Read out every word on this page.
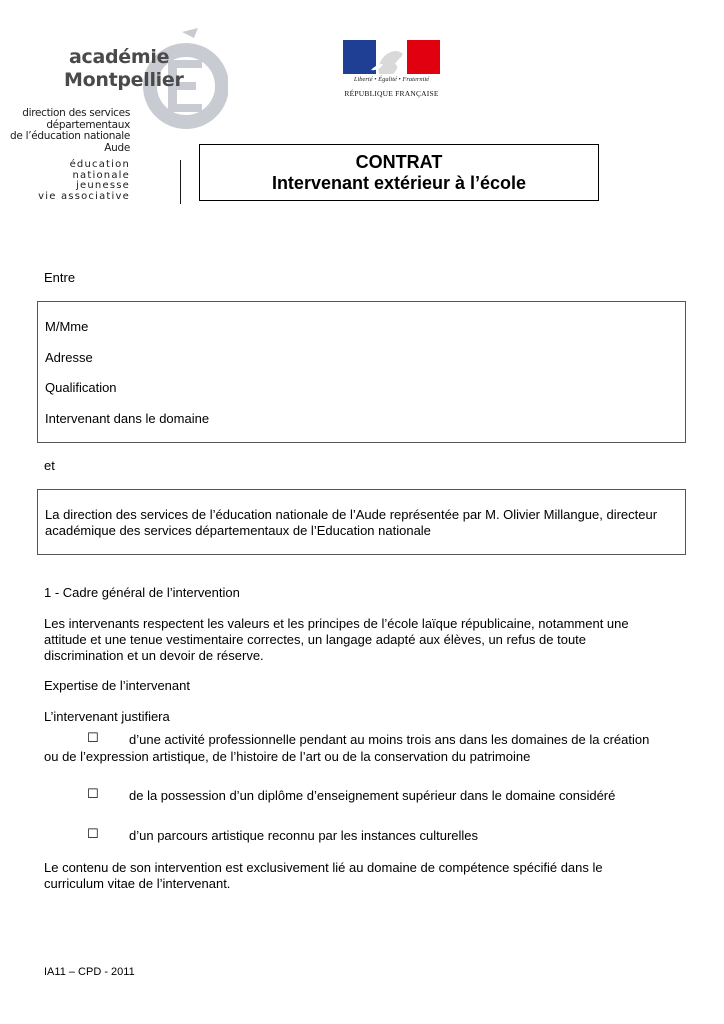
académie
Montpellier
direction des services
départementaux
de l’éducation nationale
Aude
éducation
nationale
jeunesse
vie associative
Liberté • Égalité • Fraternité
RÉPUBLIQUE FRANÇAISE
CONTRAT
Intervenant extérieur à l’école
Entre
M/Mme
Adresse
Qualification
Intervenant dans le domaine
et
La direction des services de l’éducation nationale de l’Aude représentée par M. Olivier Millangue, directeur
académique des services départementaux de l’Education nationale
1 - Cadre général de l’intervention
Les intervenants respectent les valeurs et les principes de l’école laïque républicaine, notamment une
attitude et une tenue vestimentaire correctes, un langage adapté aux élèves, un refus de toute
discrimination et un devoir de réserve.
Expertise de l’intervenant
L’intervenant justifiera
☐ d’une activité professionnelle pendant au moins trois ans dans les domaines de la création
ou de l’expression artistique, de l’histoire de l’art ou de la conservation du patrimoine
☐ de la possession d’un diplôme d’enseignement supérieur dans le domaine considéré
☐ d’un parcours artistique reconnu par les instances culturelles
Le contenu de son intervention est exclusivement lié au domaine de compétence spécifié dans le
curriculum vitae de l’intervenant.
IA11 – CPD - 2011
